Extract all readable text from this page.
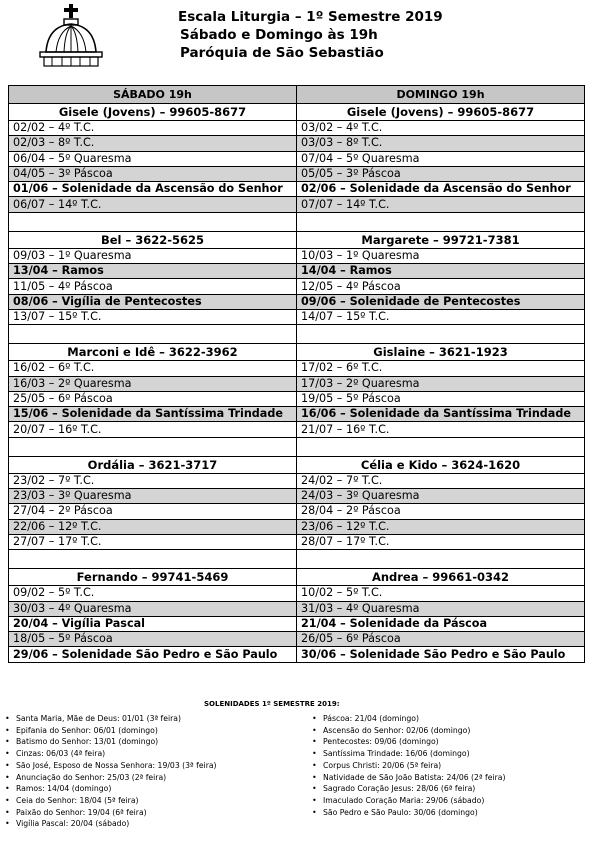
Escala Liturgia – 1º Semestre 2019
Sábado e Domingo às 19h
Paróquia de São Sebastião
SÁBADO 19h	DOMINGO 19h
Gisele (Jovens) – 99605-8677	Gisele (Jovens) – 99605-8677
02/02 – 4º T.C.	03/02 – 4º T.C.
02/03 – 8º T.C.	03/03 – 8º T.C.
06/04 – 5º Quaresma	07/04 – 5º Quaresma
04/05 – 3º Páscoa	05/05 – 3º Páscoa
01/06 – Solenidade da Ascensão do Senhor	02/06 – Solenidade da Ascensão do Senhor
06/07 – 14º T.C.	07/07 – 14º T.C.

Bel – 3622-5625	Margarete – 99721-7381
09/03 – 1º Quaresma	10/03 – 1º Quaresma
13/04 – Ramos	14/04 – Ramos
11/05 – 4º Páscoa	12/05 – 4º Páscoa
08/06 – Vigília de Pentecostes	09/06 – Solenidade de Pentecostes
13/07 – 15º T.C.	14/07 – 15º T.C.

Marconi e Idê – 3622-3962	Gislaine – 3621-1923
16/02 – 6º T.C.	17/02 – 6º T.C.
16/03 – 2º Quaresma	17/03 – 2º Quaresma
25/05 – 6º Páscoa	19/05 – 5º Páscoa
15/06 – Solenidade da Santíssima Trindade	16/06 – Solenidade da Santíssima Trindade
20/07 – 16º T.C.	21/07 – 16º T.C.

Ordália – 3621-3717	Célia e Kido – 3624-1620
23/02 – 7º T.C.	24/02 – 7º T.C.
23/03 – 3º Quaresma	24/03 – 3º Quaresma
27/04 – 2º Páscoa	28/04 – 2º Páscoa
22/06 – 12º T.C.	23/06 – 12º T.C.
27/07 – 17º T.C.	28/07 – 17º T.C.

Fernando – 99741-5469	Andrea – 99661-0342
09/02 – 5º T.C.	10/02 – 5º T.C.
30/03 – 4º Quaresma	31/03 – 4º Quaresma
20/04 – Vigília Pascal	21/04 – Solenidade da Páscoa
18/05 – 5º Páscoa	26/05 – 6º Páscoa
29/06 – Solenidade São Pedro e São Paulo	30/06 – Solenidade São Pedro e São Paulo
SOLENIDADES 1º SEMESTRE 2019:
• Santa Maria, Mãe de Deus: 01/01 (3ª feira)
• Epifania do Senhor: 06/01 (domingo)
• Batismo do Senhor: 13/01 (domingo)
• Cinzas: 06/03 (4ª feira)
• São José, Esposo de Nossa Senhora: 19/03 (3ª feira)
• Anunciação do Senhor: 25/03 (2ª feira)
• Ramos: 14/04 (domingo)
• Ceia do Senhor: 18/04 (5ª feira)
• Paixão do Senhor: 19/04 (6ª feira)
• Vigília Pascal: 20/04 (sábado)
• Páscoa: 21/04 (domingo)
• Ascensão do Senhor: 02/06 (domingo)
• Pentecostes: 09/06 (domingo)
• Santíssima Trindade: 16/06 (domingo)
• Corpus Christi: 20/06 (5ª feira)
• Natividade de São João Batista: 24/06 (2ª feira)
• Sagrado Coração Jesus: 28/06 (6ª feira)
• Imaculado Coração Maria: 29/06 (sábado)
• São Pedro e São Paulo: 30/06 (domingo)
